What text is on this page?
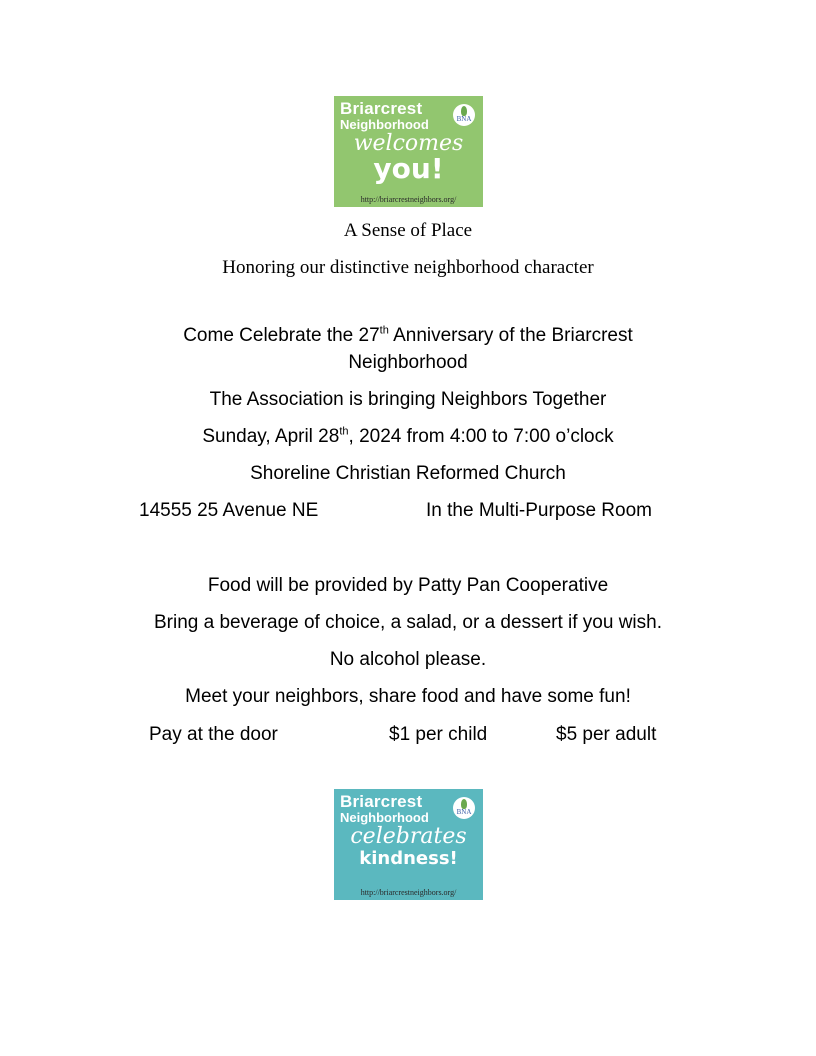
Briarcrest
Neighborhood
welcomes
you!
BNA
http://briarcrestneighbors.org/
A Sense of Place
Honoring our distinctive neighborhood character
Come Celebrate the 27th Anniversary of the Briarcrest
Neighborhood
The Association is bringing Neighbors Together
Sunday, April 28th, 2024 from 4:00 to 7:00 o’clock
Shoreline Christian Reformed Church
14555 25 Avenue NE	In the Multi-Purpose Room
Food will be provided by Patty Pan Cooperative
Bring a beverage of choice, a salad, or a dessert if you wish.
No alcohol please.
Meet your neighbors, share food and have some fun!
Pay at the door	$1 per child	$5 per adult
Briarcrest
Neighborhood
celebrates
kindness!
BNA
http://briarcrestneighbors.org/
